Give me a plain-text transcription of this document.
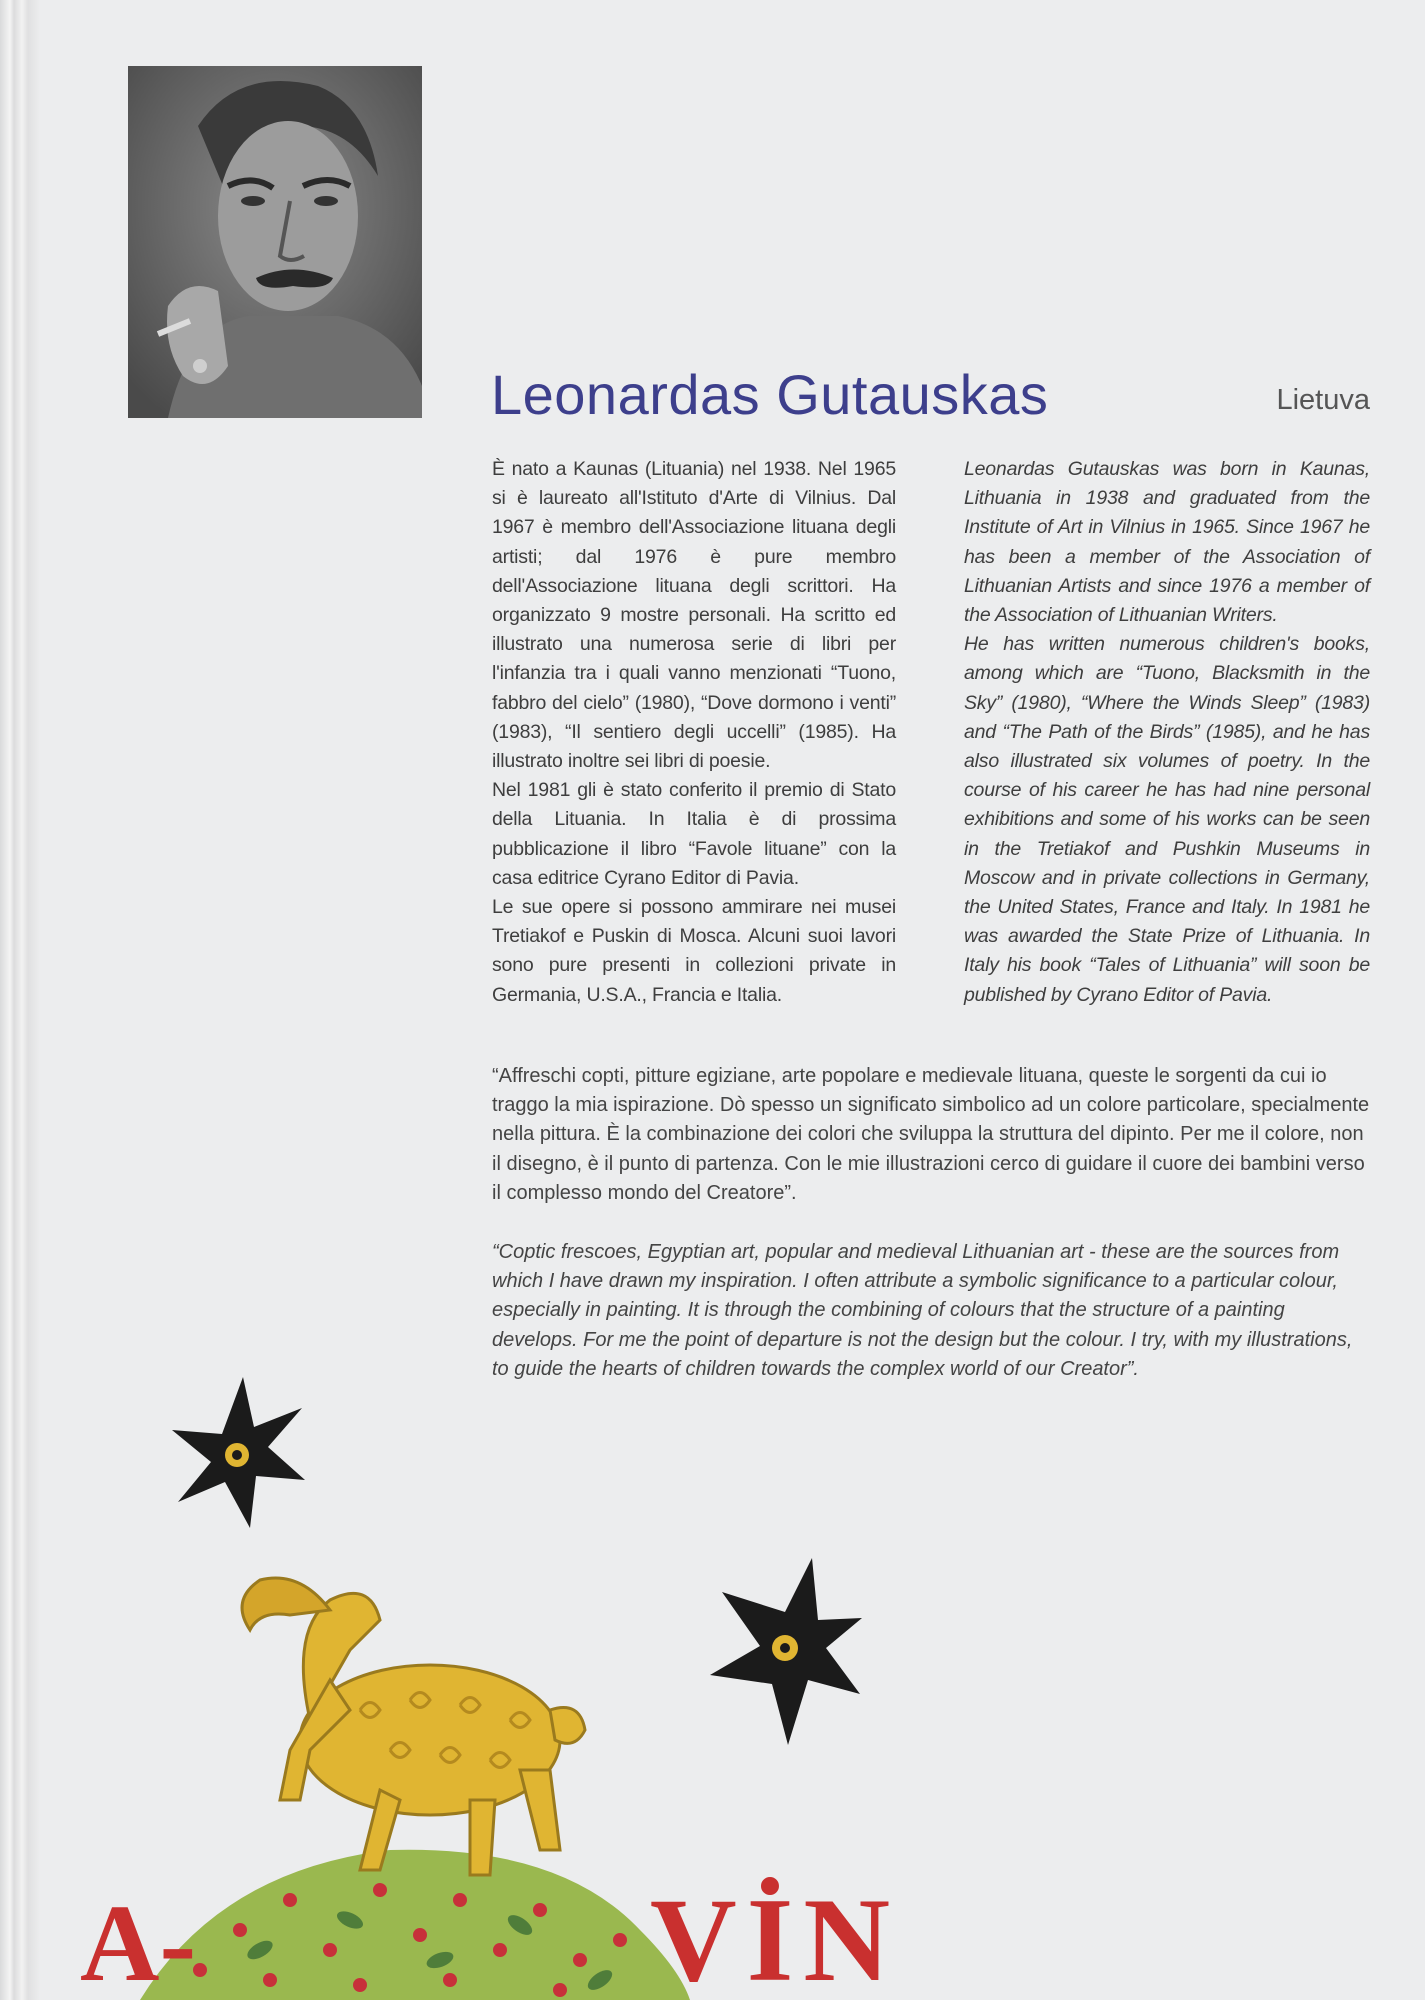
Leonardas Gutauskas	Lietuva

È nato a Kaunas (Lituania) nel 1938. Nel 1965 si è laureato all'Istituto d'Arte di Vilnius. Dal 1967 è membro dell'Associazione lituana degli artisti; dal 1976 è pure membro dell'Associazione lituana degli scrittori. Ha organizzato 9 mostre personali. Ha scritto ed illustrato una numerosa serie di libri per l'infanzia tra i quali vanno menzionati “Tuono, fabbro del cielo” (1980), “Dove dormono i venti” (1983), “Il sentiero degli uccelli” (1985). Ha illustrato inoltre sei libri di poesie.

Nel 1981 gli è stato conferito il premio di Stato della Lituania. In Italia è di prossima pubblicazione il libro “Favole lituane” con la casa editrice Cyrano Editor di Pavia.

Le sue opere si possono ammirare nei musei Tretiakof e Puskin di Mosca. Alcuni suoi lavori sono pure presenti in collezioni private in Germania, U.S.A., Francia e Italia.

Leonardas Gutauskas was born in Kaunas, Lithuania in 1938 and graduated from the Institute of Art in Vilnius in 1965. Since 1967 he has been a member of the Association of Lithuanian Artists and since 1976 a member of the Association of Lithuanian Writers.

He has written numerous children's books, among which are “Tuono, Blacksmith in the Sky” (1980), “Where the Winds Sleep” (1983) and “The Path of the Birds” (1985), and he has also illustrated six volumes of poetry. In the course of his career he has had nine personal exhibitions and some of his works can be seen in the Tretiakof and Pushkin Museums in Moscow and in private collections in Germany, the United States, France and Italy. In 1981 he was awarded the State Prize of Lithuania. In Italy his book “Tales of Lithuania” will soon be published by Cyrano Editor of Pavia.

“Affreschi copti, pitture egiziane, arte popolare e medievale lituana, queste le sorgenti da cui io traggo la mia ispirazione. Dò spesso un significato simbolico ad un colore particolare, specialmente nella pittura. È la combinazione dei colori che sviluppa la struttura del dipinto. Per me il colore, non il disegno, è il punto di partenza. Con le mie illustrazioni cerco di guidare il cuore dei bambini verso il complesso mondo del Creatore”.

“Coptic frescoes, Egyptian art, popular and medieval Lithuanian art - these are the sources from which I have drawn my inspiration. I often attribute a symbolic significance to a particular colour, especially in painting. It is through the combining of colours that the structure of a painting develops. For me the point of departure is not the design but the colour. I try, with my illustrations, to guide the hearts of children towards the complex world of our Creator”.

A-	VİN
